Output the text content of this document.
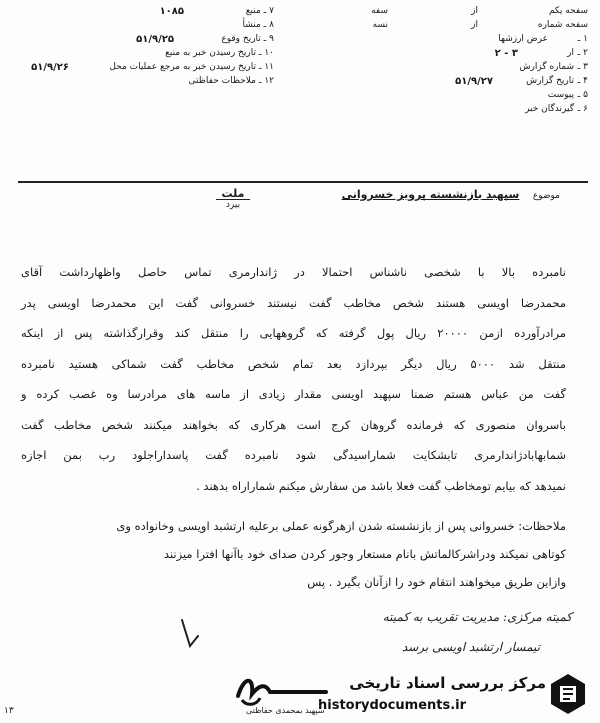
سفحه یکم
از
سفه
سفحه شماره
از
نسه
۱ ـ
عرض ارزشها
۲ ـ
ار
۳ - ۲
۳ ـ
شماره گزارش
۴ ـ
تاریخ گزارش
۵۱/۹/۲۷
۵ ـ
پیوست
۶ ـ
گیرندگان خبر
۷ ـ منبع
۱۰۸۵
۸ ـ منشأ
۹ ـ تاریخ وقوع
۵۱/۹/۲۵
۱۰ ـ تاریخ رسیدن خبر به منبع
۱۱ ـ تاریخ رسیدن خبر به مرجع عملیات محل
۵۱/۹/۲۶
۱۲ ـ ملاحظات حفاظتی
موضوع سپهبد بازنشسته پرویز خسروانی
ملت
بیرد
نامبرده بالا با شخصی ناشناس احتمالا در ژاندارمری تماس حاصل واظهارداشت آقای
محمدرضا اویسی هستند شخص مخاطب گفت نیستند خسروانی گفت این محمدرضا اویسی پدر
مرادرآورده ازمن ۲۰۰۰۰ ریال پول گرفته که گروههایی را منتقل کند وقرارگذاشته پس از اینکه
منتقل شد ۵۰۰۰ ریال دیگر بپردازد بعد تمام شخص مخاطب گفت شماکی هستید نامبرده
گفت من عباس هستم ضمنا سپهبد اویسی مقدار زیادی از ماسه های مرادرسا وه غصب کرده و
باسروان منصوری که فرمانده گروهان کرج است هرکاری که بخواهند میکنند شخص مخاطب گفت
شمابهابادژاندارمری تابشکایت شماراسیدگی شود نامبرده گفت پاسداراجلود رب بمن اجازه
نمیدهد که بیایم تومخاطب گفت فعلا باشد من سفارش میکنم شماراراه بدهند .
ملاحظات: خسروانی پس از بازنشسته شدن ازهرگونه عملی برعلیه ارتشبد اویسی وخانواده وی
کوتاهی نمیکند ودراشرکالماتش بانام مستعار وجور کردن صدای خود باآنها افترا میزنند
وازاین طریق میخواهند انتقام خود را ازآنان بگیرد . پس
کمیته مرکزی: مدیریت تقریب به کمیته
تیمسار ارتشبد اویسی برسد
سپهبد بمحمدی حفاظتی
مرکز بررسی اسناد تاریخی
historydocuments.ir
۱۳
